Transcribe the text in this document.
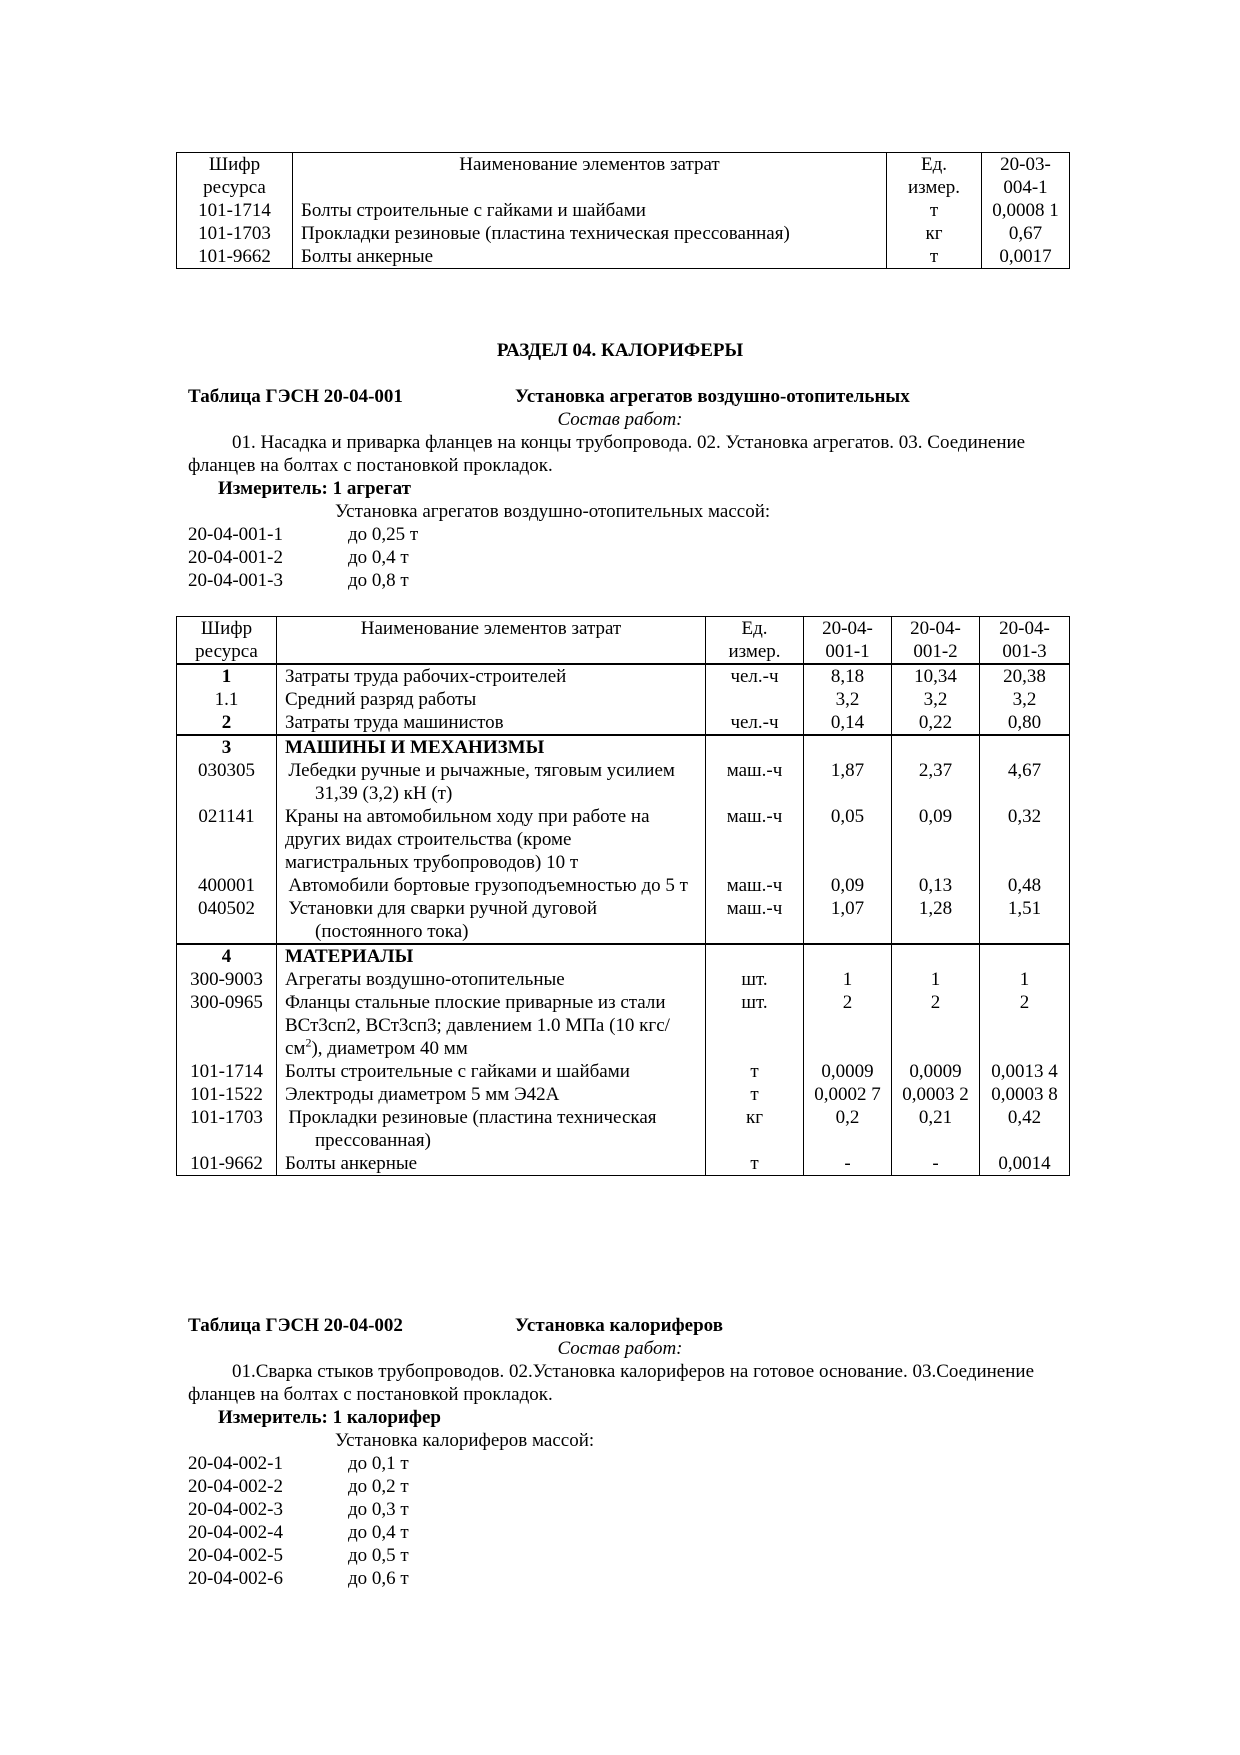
Шифр ресурса	Наименование элементов затрат	Ед. измер.	20-03-004-1
101-1714	Болты строительные с гайками и шайбами	т	0,0008 1
101-1703	Прокладки резиновые (пластина техническая прессованная)	кг	0,67
101-9662	Болты анкерные	т	0,0017
РАЗДЕЛ 04. КАЛОРИФЕРЫ
Таблица ГЭСН 20-04-001	Установка агрегатов воздушно-отопительных
Состав работ:
01. Насадка и приварка фланцев на концы трубопровода. 02. Установка агрегатов. 03. Соединение фланцев на болтах с постановкой прокладок.
Измеритель: 1 агрегат
Установка агрегатов воздушно-отопительных массой:
20-04-001-1	до 0,25 т
20-04-001-2	до 0,4 т
20-04-001-3	до 0,8 т
Шифр ресурса	Наименование элементов затрат	Ед. измер.	20-04-001-1	20-04-001-2	20-04-001-3
1	Затраты труда рабочих-строителей	чел.-ч	8,18	10,34	20,38
1.1	Средний разряд работы		3,2	3,2	3,2
2	Затраты труда машинистов	чел.-ч	0,14	0,22	0,80
3	МАШИНЫ И МЕХАНИЗМЫ				
030305	Лебедки ручные и рычажные, тяговым усилием 31,39 (3,2) кН (т)	маш.-ч	1,87	2,37	4,67
021141	Краны на автомобильном ходу при работе на других видах строительства (кроме магистральных трубопроводов) 10 т	маш.-ч	0,05	0,09	0,32
400001	Автомобили бортовые грузоподъемностью до 5 т	маш.-ч	0,09	0,13	0,48
040502	Установки для сварки ручной дуговой (постоянного тока)	маш.-ч	1,07	1,28	1,51
4	МАТЕРИАЛЫ				
300-9003	Агрегаты воздушно-отопительные	шт.	1	1	1
300-0965	Фланцы стальные плоские приварные из стали ВСт3сп2, ВСт3сп3; давлением 1.0 МПа (10 кгс/$см^2$), диаметром 40 мм	шт.	2	2	2
101-1714	Болты строительные с гайками и шайбами	т	0,0009	0,0009	0,0013 4
101-1522	Электроды диаметром 5 мм Э42А	т	0,0002 7	0,0003 2	0,0003 8
101-1703	Прокладки резиновые (пластина техническая прессованная)	кг	0,2	0,21	0,42
101-9662	Болты анкерные	т	-	-	0,0014
Таблица ГЭСН 20-04-002	Установка калориферов
Состав работ:
01.Сварка стыков трубопроводов. 02.Установка калориферов на готовое основание. 03.Соединение фланцев на болтах с постановкой прокладок.
Измеритель: 1 калорифер
Установка калориферов массой:
20-04-002-1	до 0,1 т
20-04-002-2	до 0,2 т
20-04-002-3	до 0,3 т
20-04-002-4	до 0,4 т
20-04-002-5	до 0,5 т
20-04-002-6	до 0,6 т
